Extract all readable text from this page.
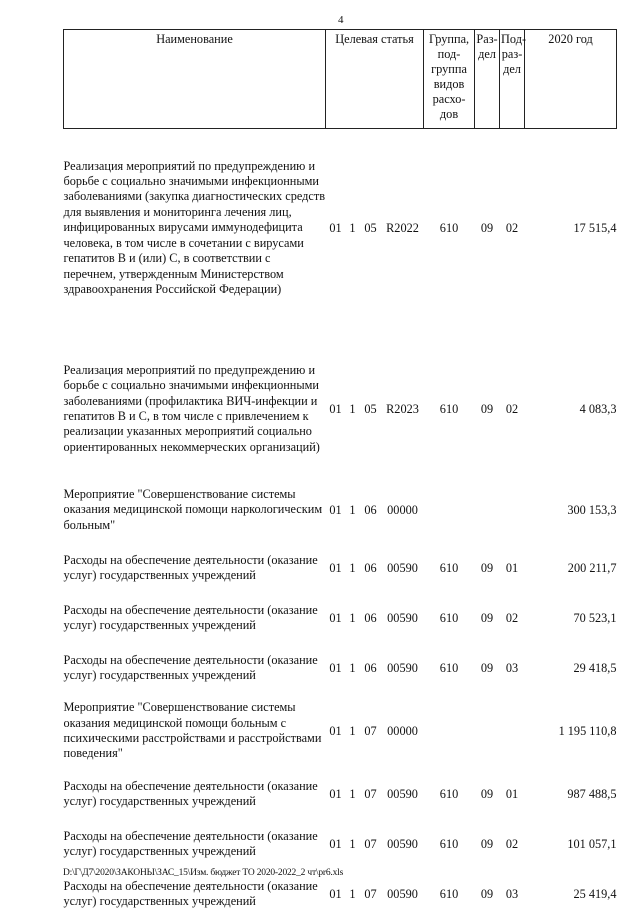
4
Наименование	Целевая статья				Группа, под-группа видов расхо-дов	Раз-дел	Под-раз-дел	2020 год

Реализация мероприятий по предупреждению и борьбе с социально значимыми инфекционными заболеваниями (закупка диагностических средств для выявления и мониторинга лечения лиц, инфицированных вирусами иммунодефицита человека, в том числе в сочетании с вирусами гепатитов В и (или) С, в соответствии с перечнем, утвержденным Министерством здравоохранения Российской Федерации)	01	1	05	R2022	610	09	02	17 515,4

Реализация мероприятий по предупреждению и борьбе с социально значимыми инфекционными заболеваниями (профилактика ВИЧ-инфекции и гепатитов В и С, в том числе с привлечением к реализации указанных мероприятий социально ориентированных некоммерческих организаций)	01	1	05	R2023	610	09	02	4 083,3
Мероприятие "Совершенствование системы оказания медицинской помощи наркологическим больным"	01	1	06	00000				300 153,3
Расходы на обеспечение деятельности (оказание услуг) государственных учреждений	01	1	06	00590	610	09	01	200 211,7
Расходы на обеспечение деятельности (оказание услуг) государственных учреждений	01	1	06	00590	610	09	02	70 523,1
Расходы на обеспечение деятельности (оказание услуг) государственных учреждений	01	1	06	00590	610	09	03	29 418,5
Мероприятие "Совершенствование системы оказания медицинской помощи больным с психическими расстройствами и расстройствами поведения"	01	1	07	00000				1 195 110,8
Расходы на обеспечение деятельности (оказание услуг) государственных учреждений	01	1	07	00590	610	09	01	987 488,5
Расходы на обеспечение деятельности (оказание услуг) государственных учреждений	01	1	07	00590	610	09	02	101 057,1
Расходы на обеспечение деятельности (оказание услуг) государственных учреждений	01	1	07	00590	610	09	03	25 419,4
D:\Г\Д7\2020\ЗАКОНЫ\ЗАС_15\Изм. бюджет ТО 2020-2022_2 чт\pr6.xls
